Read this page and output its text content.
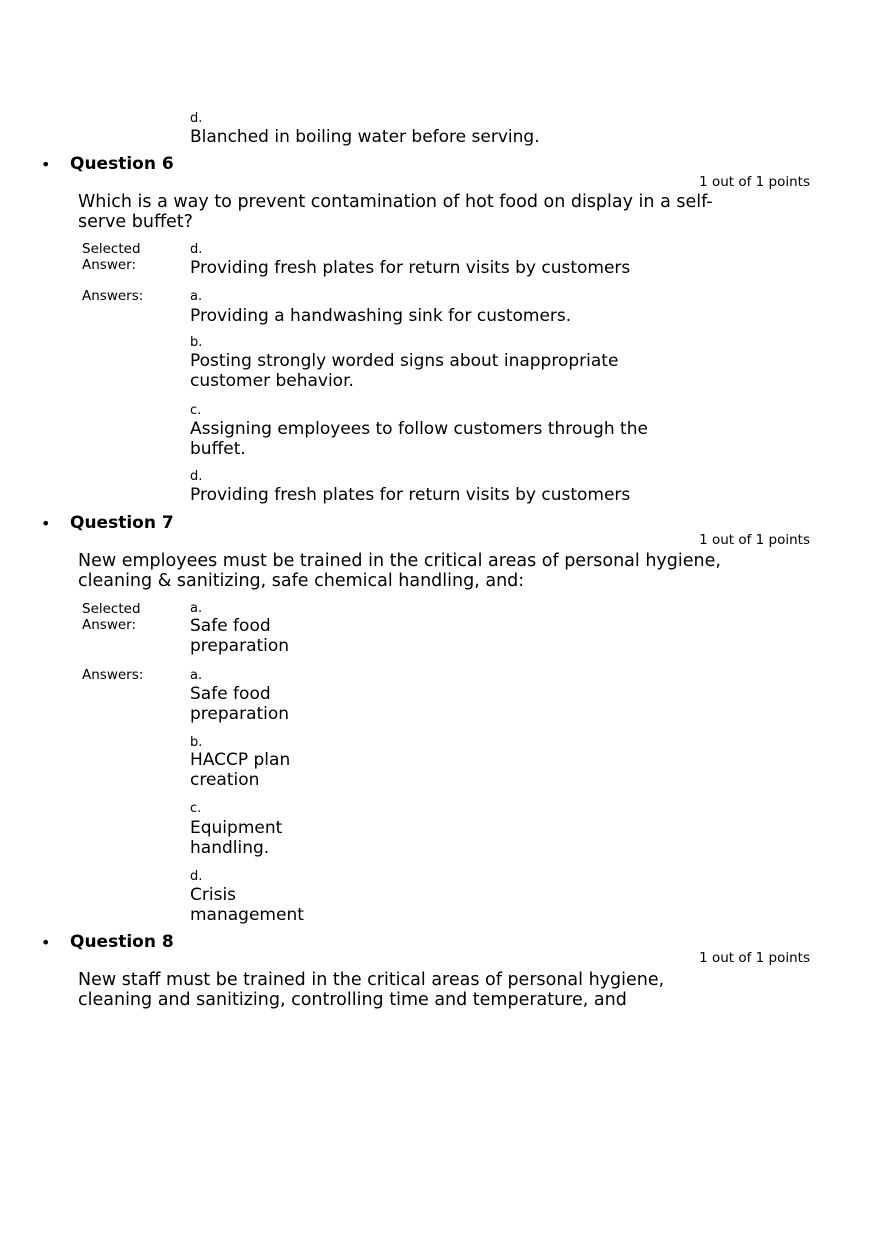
d.
Blanched in boiling water before serving.
• Question 6
1 out of 1 points
Which is a way to prevent contamination of hot food on display in a self-
serve buffet?
Selected
Answer:
d.
Providing fresh plates for return visits by customers
Answers:	a.
Providing a handwashing sink for customers.
b.
Posting strongly worded signs about inappropriate
customer behavior.
c.
Assigning employees to follow customers through the
buffet.
d.
Providing fresh plates for return visits by customers
• Question 7
1 out of 1 points
New employees must be trained in the critical areas of personal hygiene,
cleaning & sanitizing, safe chemical handling, and:
Selected
Answer:
a.
Safe food
preparation
Answers:	a.
Safe food
preparation
b.
HACCP plan
creation
c.
Equipment
handling.
d.
Crisis
management
• Question 8
1 out of 1 points
New staff must be trained in the critical areas of personal hygiene,
cleaning and sanitizing, controlling time and temperature, and
